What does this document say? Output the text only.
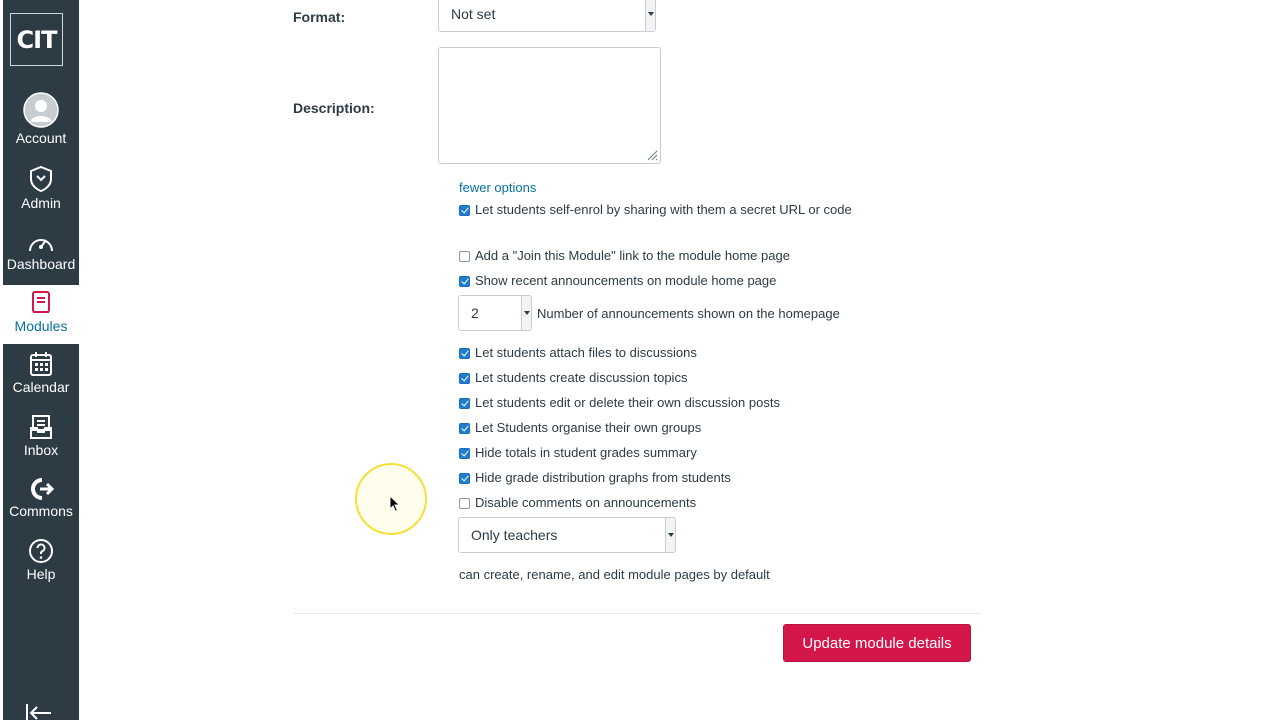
CIT
Account
Admin
Dashboard
Modules
Calendar
Inbox
Commons
Help
Format:	Not set
Description:
fewer options
Let students self-enrol by sharing with them a secret URL or code
Add a "Join this Module" link to the module home page
Show recent announcements on module home page
2	Number of announcements shown on the homepage
Let students attach files to discussions
Let students create discussion topics
Let students edit or delete their own discussion posts
Let Students organise their own groups
Hide totals in student grades summary
Hide grade distribution graphs from students
Disable comments on announcements
Only teachers
can create, rename, and edit module pages by default
Update module details
